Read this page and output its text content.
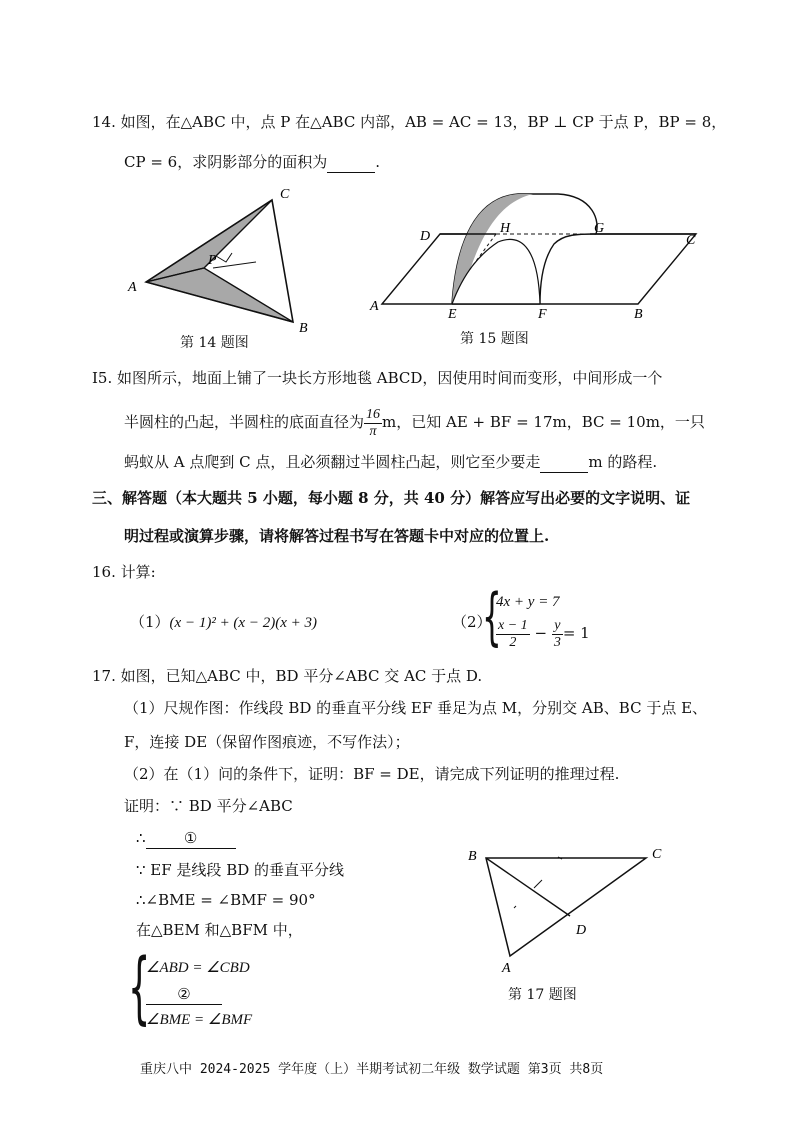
14. 如图，在△ABC 中，点 P 在△ABC 内部，AB = AC = 13，BP ⊥ CP 于点 P，BP = 8，
CP = 6，求阴影部分的面积为	.
P
A
B
C
第 14 题图
A
D	C
B
E	F
H	G
第 15 题图
I5. 如图所示，地面上铺了一块长方形地毯 ABCD，因使用时间而变形，中间形成一个
半圆柱的凸起，半圆柱的底面直径为 $\frac{16}{\pi}$ m，已知 AE + BF = 17m，BC = 10m，一只
蚂蚁从 A 点爬到 C 点，且必须翻过半圆柱凸起，则它至少要走	m 的路程.
三、解答题（本大题共 5 小题，每小题 8 分，共 40 分）解答应写出必要的文字说明、证
明过程或演算步骤，请将解答过程书写在答题卡中对应的位置上.
16. 计算:
（1）(x − 1)² + (x − 2)(x + 3)	（2）
{
4x + y = 7
$\frac{x - 1}{2} - \frac{y}{3} = 1$
17. 如图，已知△ABC 中，BD 平分∠ABC 交 AC 于点 D.
（1）尺规作图：作线段 BD 的垂直平分线 EF 垂足为点 M，分别交 AB、BC 于点 E、
F，连接 DE（保留作图痕迹，不写作法）；
（2）在（1）问的条件下，证明：BF = DE，请完成下列证明的推理过程.
证明：∵ BD 平分∠ABC
∴	①
∵ EF 是线段 BD 的垂直平分线
∴∠BME = ∠BMF = 90°
在△BEM 和△BFM 中，
{
∠ABD = ∠CBD
②
∠BME = ∠BMF
B	C
D
A
第 17 题图
重庆八中 2024-2025 学年度（上）半期考试初二年级 数学试题 第3页 共8页
